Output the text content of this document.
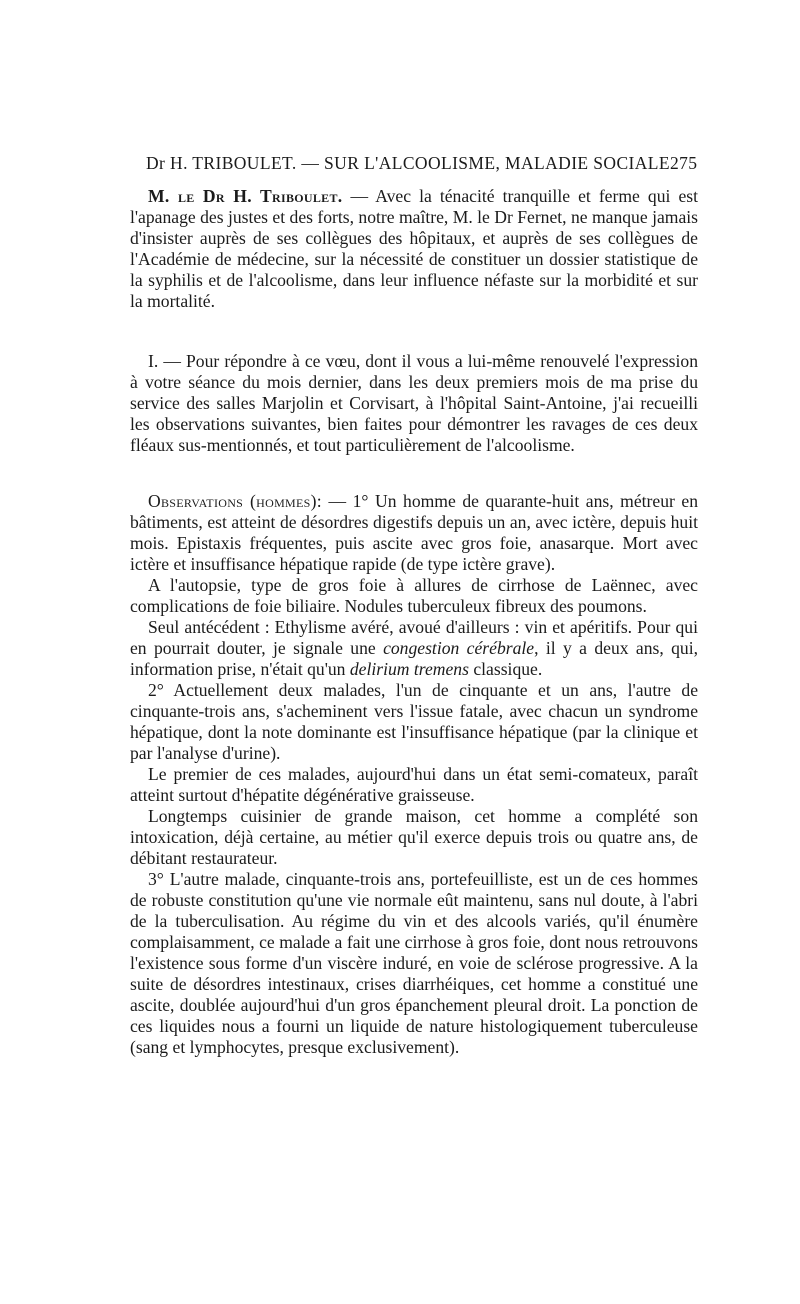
Dr H. TRIBOULET. — SUR L'ALCOOLISME, MALADIE SOCIALE 275

M. le Dr H. Triboulet. — Avec la ténacité tranquille et ferme qui est l'apanage des justes et des forts, notre maître, M. le Dr Fernet, ne manque jamais d'insister auprès de ses collègues des hôpitaux, et auprès de ses collègues de l'Académie de médecine, sur la nécessité de constituer un dossier statistique de la syphilis et de l'alcoolisme, dans leur influence néfaste sur la morbidité et sur la mortalité.

I. — Pour répondre à ce vœu, dont il vous a lui-même renouvelé l'expression à votre séance du mois dernier, dans les deux premiers mois de ma prise du service des salles Marjolin et Corvisart, à l'hôpital Saint-Antoine, j'ai recueilli les observations suivantes, bien faites pour démontrer les ravages de ces deux fléaux sus-mentionnés, et tout particulièrement de l'alcoolisme.

Observations (hommes): — 1° Un homme de quarante-huit ans, métreur en bâtiments, est atteint de désordres digestifs depuis un an, avec ictère, depuis huit mois. Epistaxis fréquentes, puis ascite avec gros foie, anasarque. Mort avec ictère et insuffisance hépatique rapide (de type ictère grave).

A l'autopsie, type de gros foie à allures de cirrhose de Laënnec, avec complications de foie biliaire. Nodules tuberculeux fibreux des poumons.

Seul antécédent : Ethylisme avéré, avoué d'ailleurs : vin et apéritifs. Pour qui en pourrait douter, je signale une congestion cérébrale, il y a deux ans, qui, information prise, n'était qu'un delirium tremens classique.

2° Actuellement deux malades, l'un de cinquante et un ans, l'autre de cinquante-trois ans, s'acheminent vers l'issue fatale, avec chacun un syndrome hépatique, dont la note dominante est l'insuffisance hépatique (par la clinique et par l'analyse d'urine).

Le premier de ces malades, aujourd'hui dans un état semi-comateux, paraît atteint surtout d'hépatite dégénérative graisseuse.

Longtemps cuisinier de grande maison, cet homme a complété son intoxication, déjà certaine, au métier qu'il exerce depuis trois ou quatre ans, de débitant restaurateur.

3° L'autre malade, cinquante-trois ans, portefeuilliste, est un de ces hommes de robuste constitution qu'une vie normale eût maintenu, sans nul doute, à l'abri de la tuberculisation. Au régime du vin et des alcools variés, qu'il énumère complaisamment, ce malade a fait une cirrhose à gros foie, dont nous retrouvons l'existence sous forme d'un viscère induré, en voie de sclérose progressive. A la suite de désordres intestinaux, crises diarrhéiques, cet homme a constitué une ascite, doublée aujourd'hui d'un gros épanchement pleural droit. La ponction de ces liquides nous a fourni un liquide de nature histologiquement tuberculeuse (sang et lymphocytes, presque exclusivement).
